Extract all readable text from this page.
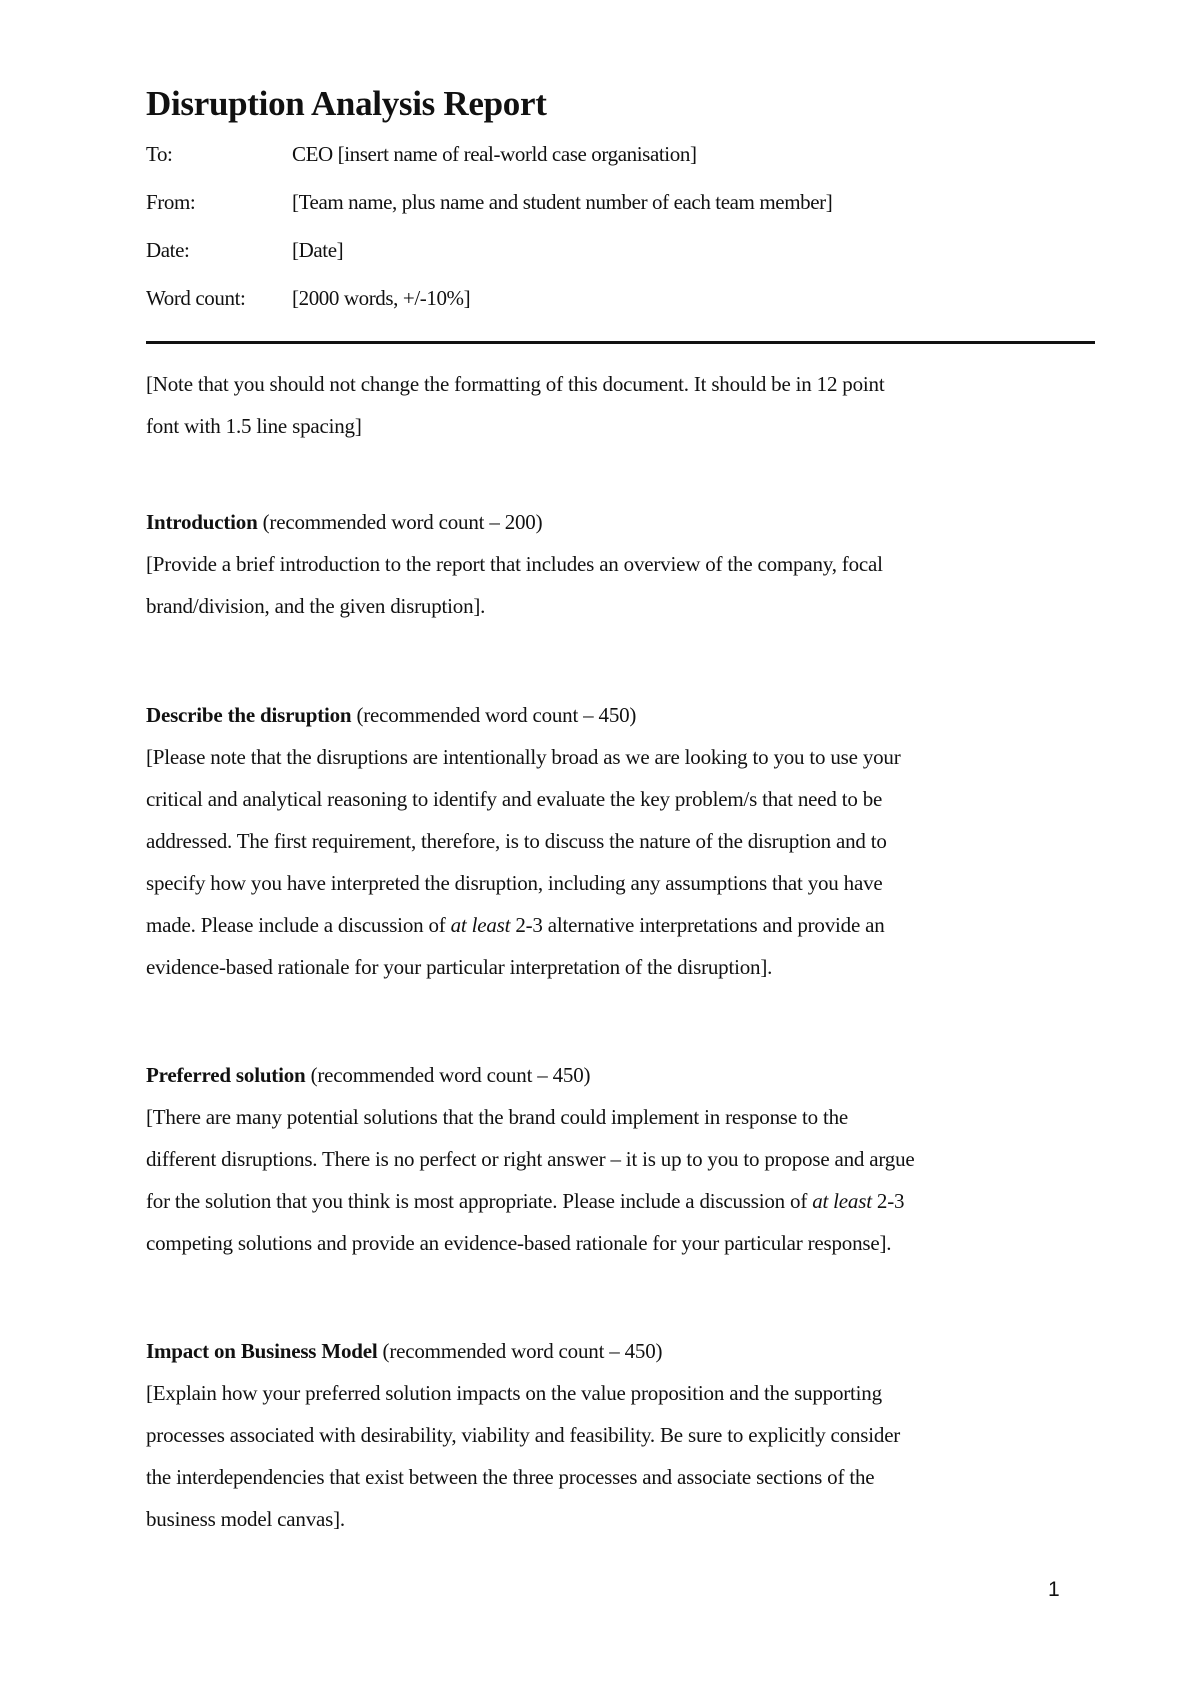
Disruption Analysis Report
To:	CEO [insert name of real-world case organisation]
From:	[Team name, plus name and student number of each team member]
Date:	[Date]
Word count: [2000 words, +/-10%]

[Note that you should not change the formatting of this document. It should be in 12 point

font with 1.5 line spacing]

Introduction (recommended word count – 200)

[Provide a brief introduction to the report that includes an overview of the company, focal

brand/division, and the given disruption].

Describe the disruption (recommended word count – 450)

[Please note that the disruptions are intentionally broad as we are looking to you to use your

critical and analytical reasoning to identify and evaluate the key problem/s that need to be

addressed. The first requirement, therefore, is to discuss the nature of the disruption and to

specify how you have interpreted the disruption, including any assumptions that you have

made. Please include a discussion of at least 2-3 alternative interpretations and provide an

evidence-based rationale for your particular interpretation of the disruption].

Preferred solution (recommended word count – 450)

[There are many potential solutions that the brand could implement in response to the

different disruptions. There is no perfect or right answer – it is up to you to propose and argue

for the solution that you think is most appropriate. Please include a discussion of at least 2-3

competing solutions and provide an evidence-based rationale for your particular response].

Impact on Business Model (recommended word count – 450)

[Explain how your preferred solution impacts on the value proposition and the supporting

processes associated with desirability, viability and feasibility. Be sure to explicitly consider

the interdependencies that exist between the three processes and associate sections of the

business model canvas].

1
